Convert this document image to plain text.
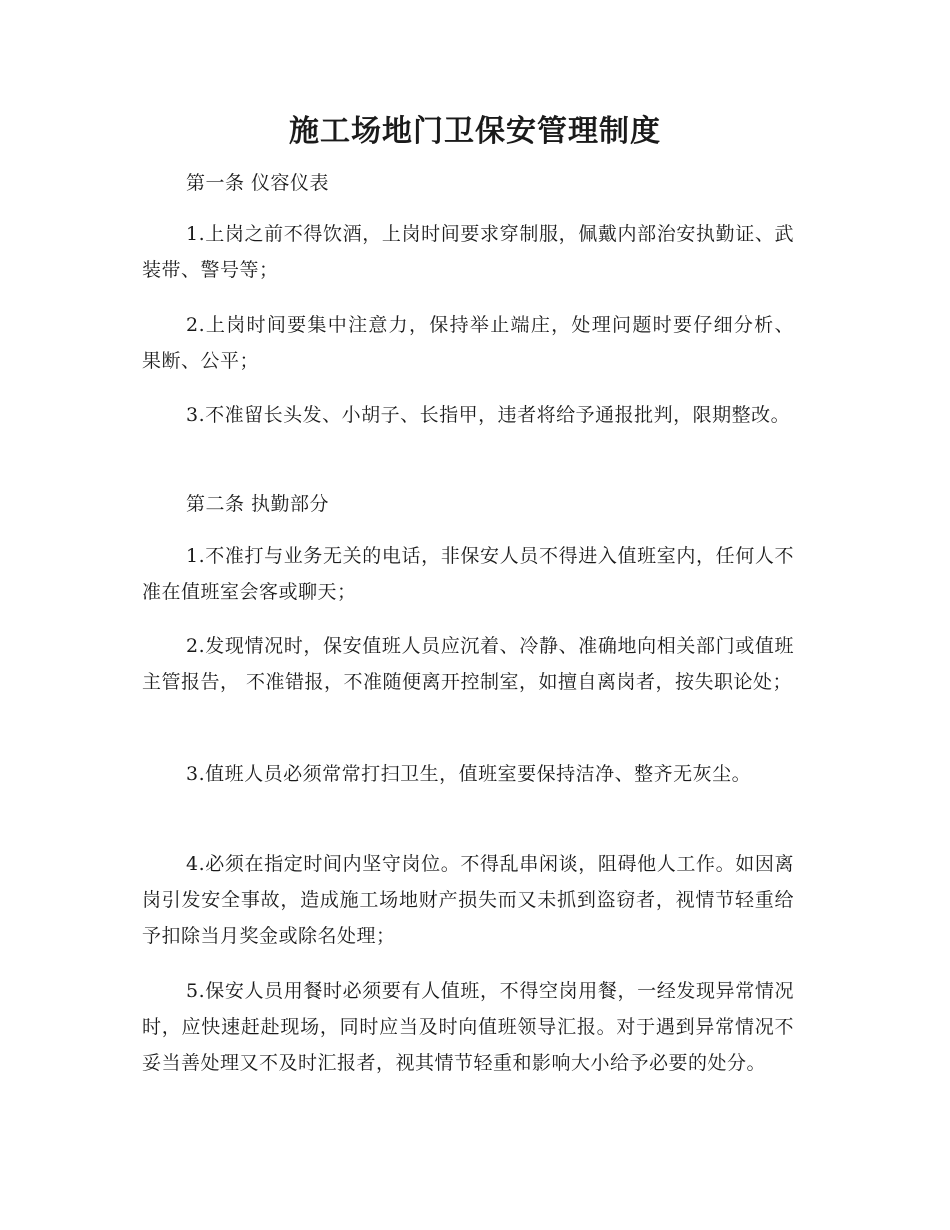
施工场地门卫保安管理制度
第一条 仪容仪表
1.上岗之前不得饮酒，上岗时间要求穿制服，佩戴内部治安执勤证、武装带、警号等；
2.上岗时间要集中注意力，保持举止端庄，处理问题时要仔细分析、 果断、公平；
3.不准留长头发、小胡子、长指甲，违者将给予通报批判，限期整改。
第二条 执勤部分
1.不准打与业务无关的电话，非保安人员不得进入值班室内，任何人不准在值班室会客或聊天；
2.发现情况时，保安值班人员应沉着、冷静、准确地向相关部门或值班主管报告， 不准错报，不准随便离开控制室，如擅自离岗者，按失职论处；
3.值班人员必须常常打扫卫生，值班室要保持洁净、整齐无灰尘。
4.必须在指定时间内坚守岗位。不得乱串闲谈，阻碍他人工作。如因离岗引发安全事故，造成施工场地财产损失而又未抓到盗窃者，视情节轻重给予扣除当月奖金或除名处理；
5.保安人员用餐时必须要有人值班，不得空岗用餐，一经发现异常情况时，应快速赶赴现场，同时应当及时向值班领导汇报。对于遇到异常情况不妥当善处理又不及时汇报者，视其情节轻重和影响大小给予必要的处分。
